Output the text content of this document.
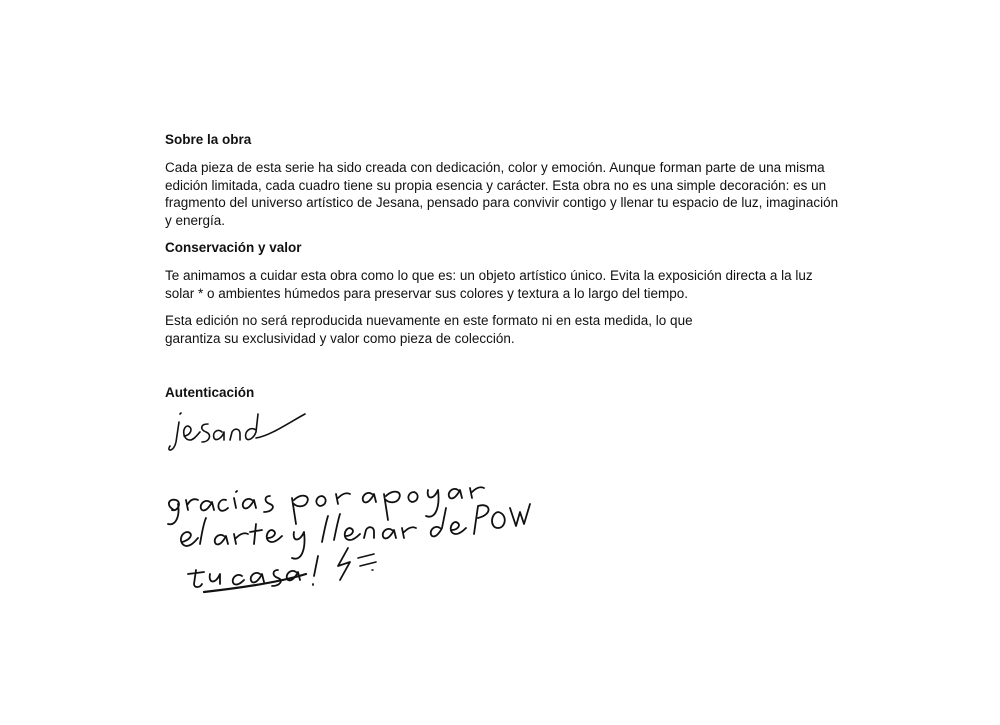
Sobre la obra

Cada pieza de esta serie ha sido creada con dedicación, color y emoción. Aunque forman parte de una misma edición limitada, cada cuadro tiene su propia esencia y carácter. Esta obra no es una simple decoración: es un fragmento del universo artístico de Jesana, pensado para convivir contigo y llenar tu espacio de luz, imaginación y energía.

Conservación y valor

Te animamos a cuidar esta obra como lo que es: un objeto artístico único. Evita la exposición directa a la luz solar * o ambientes húmedos para preservar sus colores y textura a lo largo del tiempo.

Esta edición no será reproducida nuevamente en este formato ni en esta medida, lo que garantiza su exclusividad y valor como pieza de colección.

Autenticación
